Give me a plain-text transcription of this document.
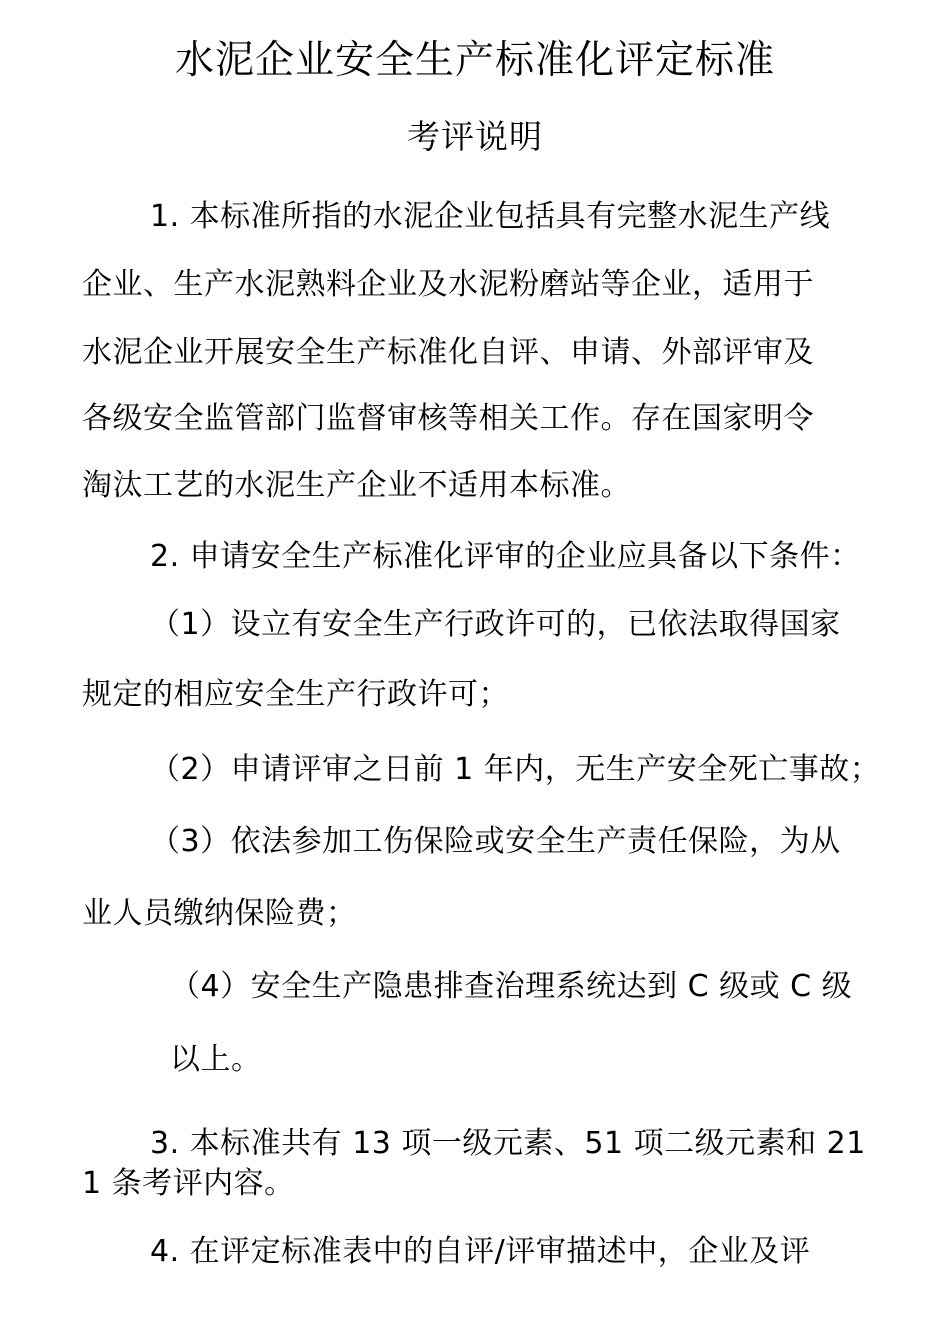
水泥企业安全生产标准化评定标准
考评说明
1. 本标准所指的水泥企业包括具有完整水泥生产线
企业、生产水泥熟料企业及水泥粉磨站等企业，适用于
水泥企业开展安全生产标准化自评、申请、外部评审及
各级安全监管部门监督审核等相关工作。存在国家明令
淘汰工艺的水泥生产企业不适用本标准。
2. 申请安全生产标准化评审的企业应具备以下条件：
（1）设立有安全生产行政许可的，已依法取得国家
规定的相应安全生产行政许可；
（2）申请评审之日前 1 年内，无生产安全死亡事故；
（3）依法参加工伤保险或安全生产责任保险，为从
业人员缴纳保险费；
（4）安全生产隐患排查治理系统达到 C 级或 C 级
以上。
3. 本标准共有 13 项一级元素、51 项二级元素和 21
1 条考评内容。
4. 在评定标准表中的自评/评审描述中，企业及评
